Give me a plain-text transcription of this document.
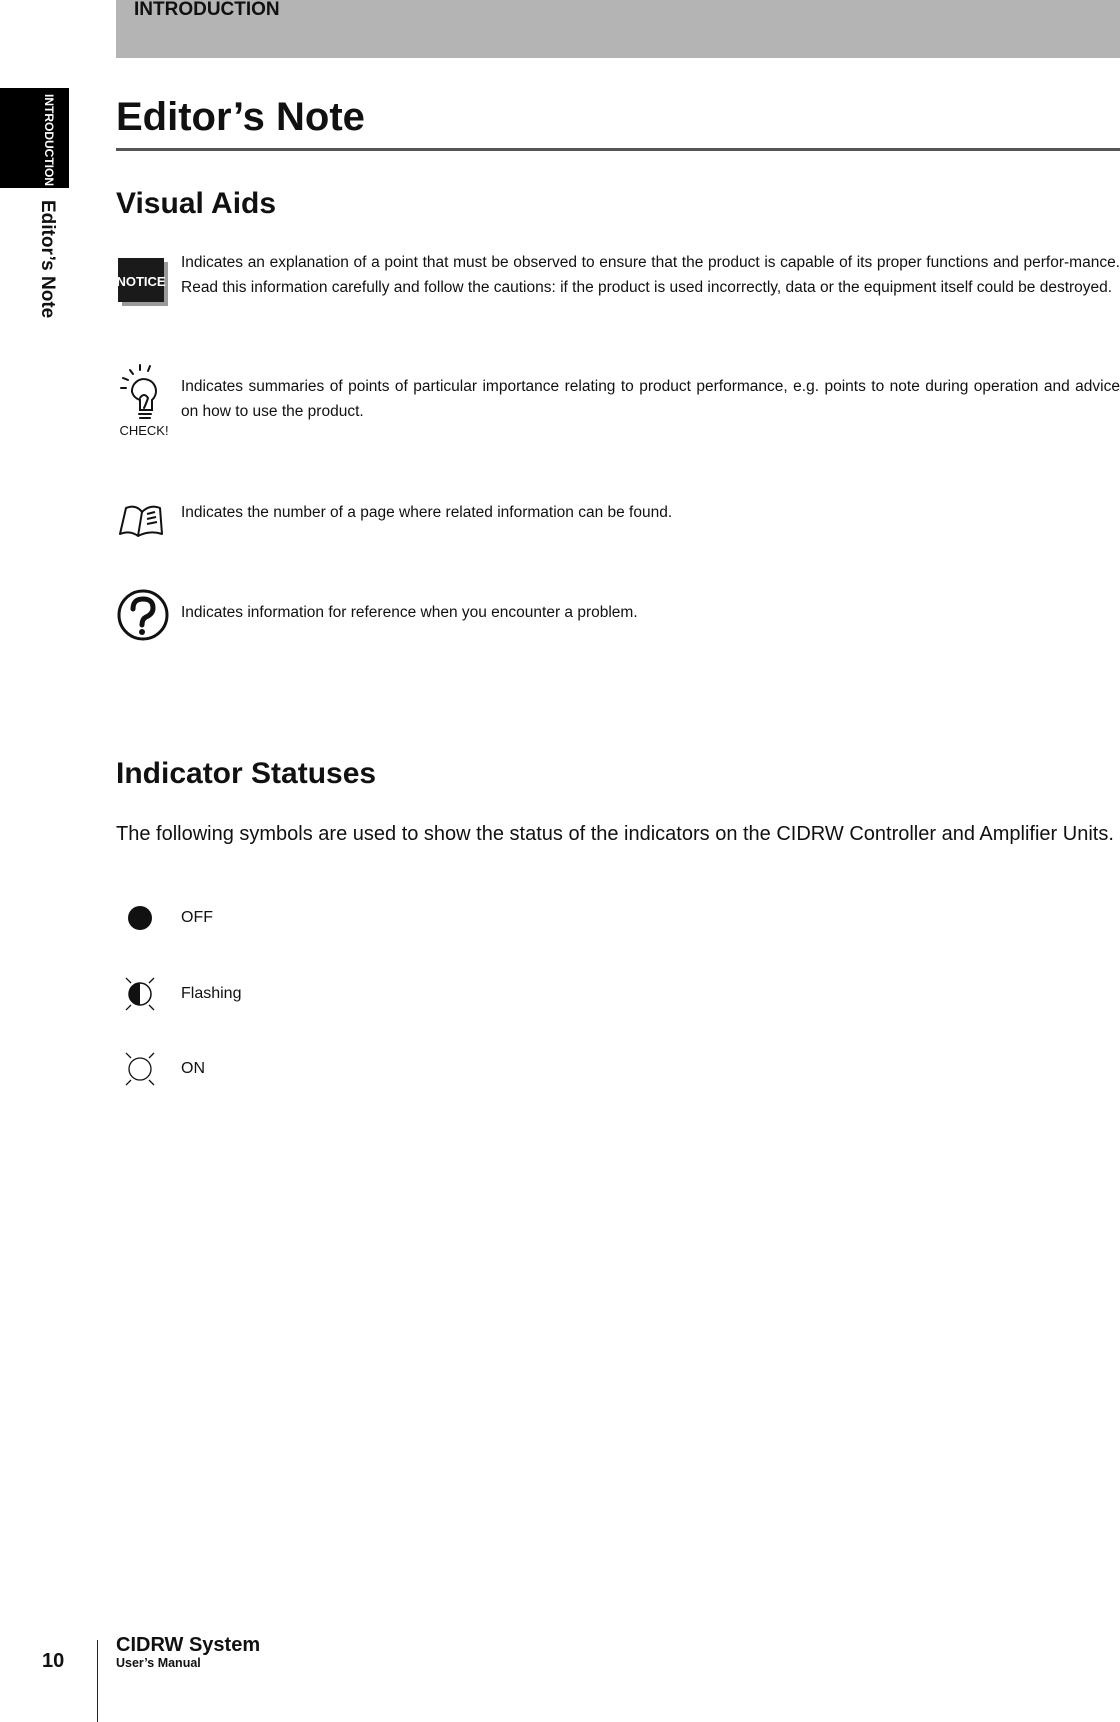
INTRODUCTION
INTRODUCTION
Editor’s Note
Editor’s Note
Visual Aids
NOTICE
Indicates an explanation of a point that must be observed to ensure that the product is capable of its proper functions and perfor-mance. Read this information carefully and follow the cautions: if the product is used incorrectly, data or the equipment itself could be destroyed.
CHECK!
Indicates summaries of points of particular importance relating to product performance, e.g. points to note during operation and advice on how to use the product.
Indicates the number of a page where related information can be found.
Indicates information for reference when you encounter a problem.
Indicator Statuses

The following symbols are used to show the status of the indicators on the CIDRW Controller and Amplifier Units.

OFF
Flashing
ON
10
CIDRW System
User’s Manual
